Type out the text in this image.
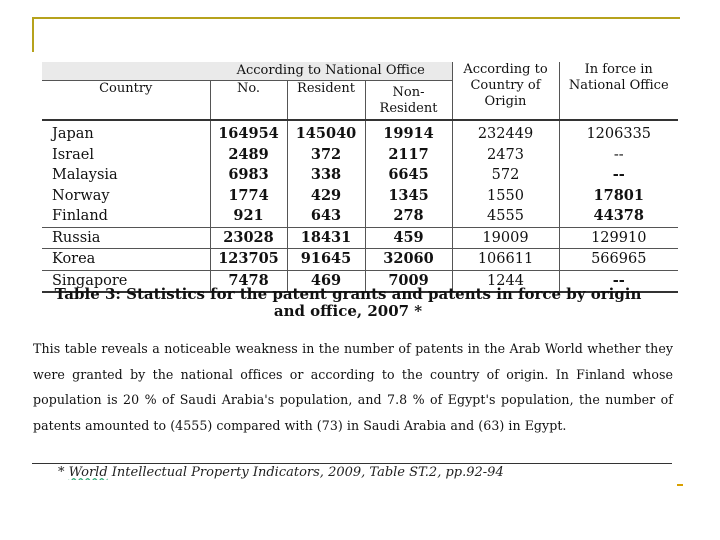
	According to National Office			According to Country of Origin	In force in National Office
Country	No.	Resident	Non-Resident		
Japan	164954	145040	19914	232449	1206335
Israel	2489	372	2117	2473	--
Malaysia	6983	338	6645	572	--
Norway	1774	429	1345	1550	17801
Finland	921	643	278	4555	44378
Russia	23028	18431	459	19009	129910
Korea	123705	91645	32060	106611	566965
Singapore	7478	469	7009	1244	--
Table 3: Statistics for the patent grants and patents in force by origin and office, 2007 *
This table reveals a noticeable weakness in the number of patents in the Arab World whether they were granted by the national offices or according to the country of origin. In Finland whose population is 20 % of Saudi Arabia's population, and 7.8 % of Egypt's population, the number of patents amounted to (4555) compared with (73) in Saudi Arabia and (63) in Egypt.
* World Intellectual Property Indicators, 2009, Table ST.2, pp.92-94
